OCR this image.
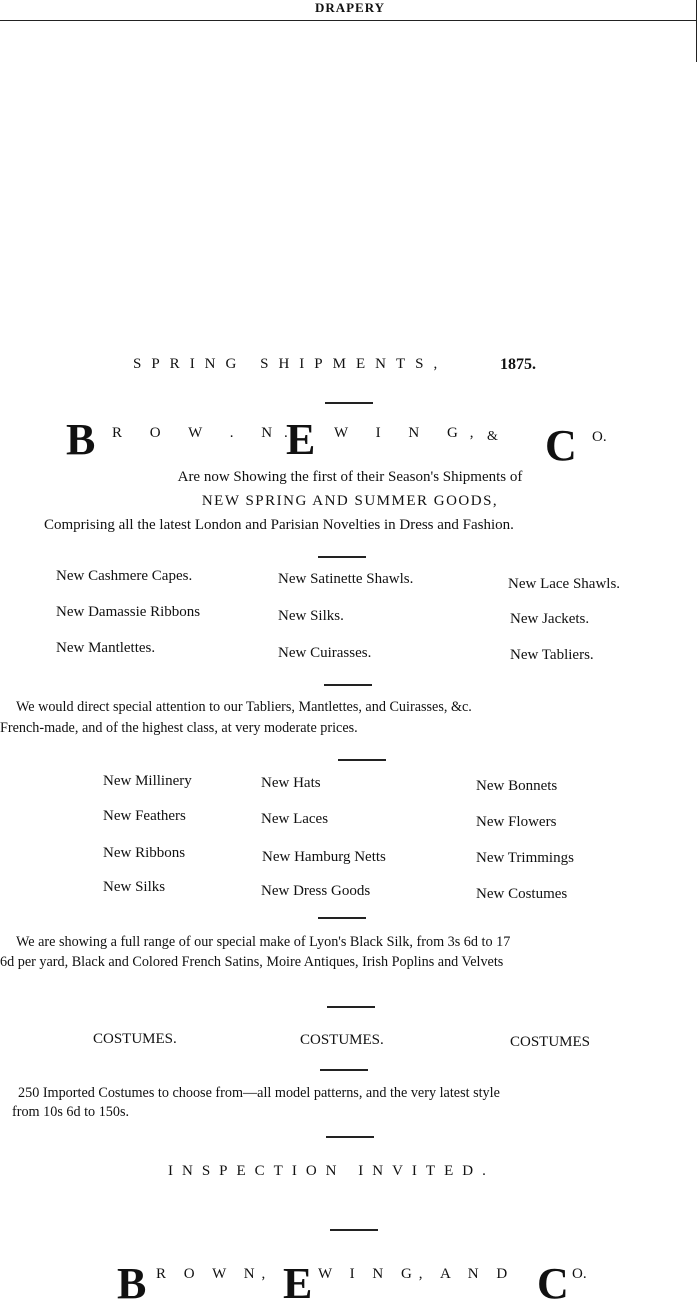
DRAPERY
SPRING SHIPMENTS,	1875.
B R O W . N.
E W I N G, & C O.
Are now Showing the first of their Season's Shipments of
NEW SPRING AND SUMMER GOODS,
Comprising all the latest London and Parisian Novelties in Dress and Fashion.
New Cashmere Capes.	New Satinette Shawls.	New Lace Shawls.
New Damassie Ribbons	New Silks.	New Jackets.
New Mantlettes.	New Cuirasses.	New Tabliers.
We would direct special attention to our Tabliers, Mantlettes, and Cuirasses, &c.
French-made, and of the highest class, at very moderate prices.
New Millinery	New Hats	New Bonnets
New Feathers	New Laces	New Flowers
New Ribbons	New Hamburg Netts	New Trimmings
New Silks	New Dress Goods	New Costumes
We are showing a full range of our special make of Lyon's Black Silk, from 3s 6d to 17
6d per yard, Black and Colored French Satins, Moire Antiques, Irish Poplins and Velvets
COSTUMES.	COSTUMES.	COSTUMES
250 Imported Costumes to choose from—all model patterns, and the very latest style
from 10s 6d to 150s.
INSPECTION INVITED.
B R O W N, E W I N G, A N D C O.
